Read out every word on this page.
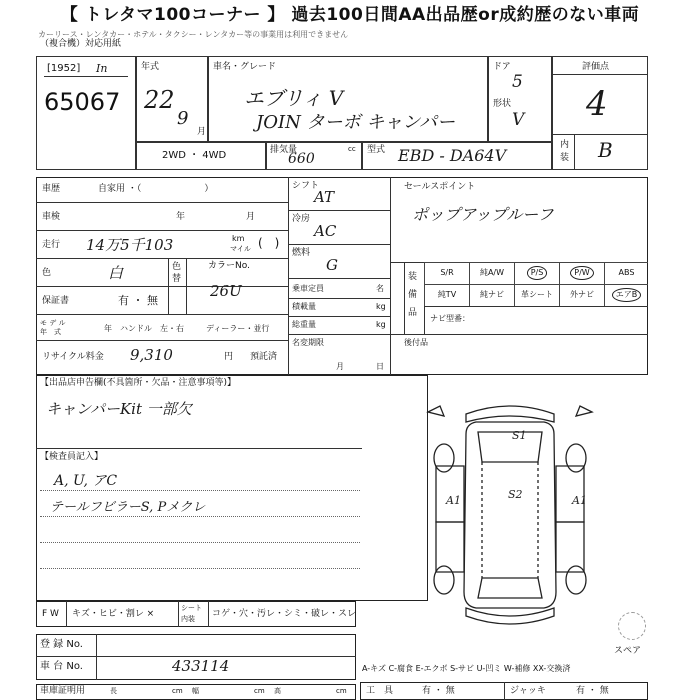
【 トレタマ100コーナー 】 過去100日間AA出品歴or成約歴のない車両
カーリース・レンタカー・ホテル・タクシー・レンタカー等の事業用は利用できません
（複合機）対応用紙
[1952] In
65067
年式
22
9
月
車名・グレード
エブリィ V
JOIN ターボ キャンパー
ドア
5
形状
V
評価点
4
内
装 B
2WD ・ 4WD	排気量	cc
660
型式 EBD - DA64V
車歴	自家用 ・（　　　　　　　）
車検	年	月
走行 14万5千103	km
マイル (　)
色	白	色
替
カラーNo.
26U
保証書	有 ・ 無
モ デ ル
年　式	年 ハンドル　左・右	ディーラー・並行
リサイクル料金 9,310	円 預託済
シフト
AT
冷房
AC
燃料
G
乗車定員	名
積載量	kg
総重量	kg
名変期限
月	日
セールスポイント
ポップアップルーフ
装
備
品
S/R	純A/W	P/S	P/W	ABS
純TV	純ナビ	革シート	外ナビ	エアB
ナビ型番：
後付品
【出品店申告欄(不具箇所・欠品・注意事項等)】
キャンパーKit 一部欠
【検査員記入】
A, U, アC
テールフビラーS, Pメクレ
F W キズ・ヒビ・割レ ×
シート
内装 コゲ・穴・汚レ・シミ・破レ・スレ
登 録 No.
車 台 No.	433114
車庫証明用	長	cm 幅	cm 高	cm
S1
S2
A1	A1
スペア
A-キズ C-腐食 E-エクボ S-サビ U-凹ミ W-補修 XX-交換済
工　具	有 ・ 無	ジャッキ	有 ・ 無
